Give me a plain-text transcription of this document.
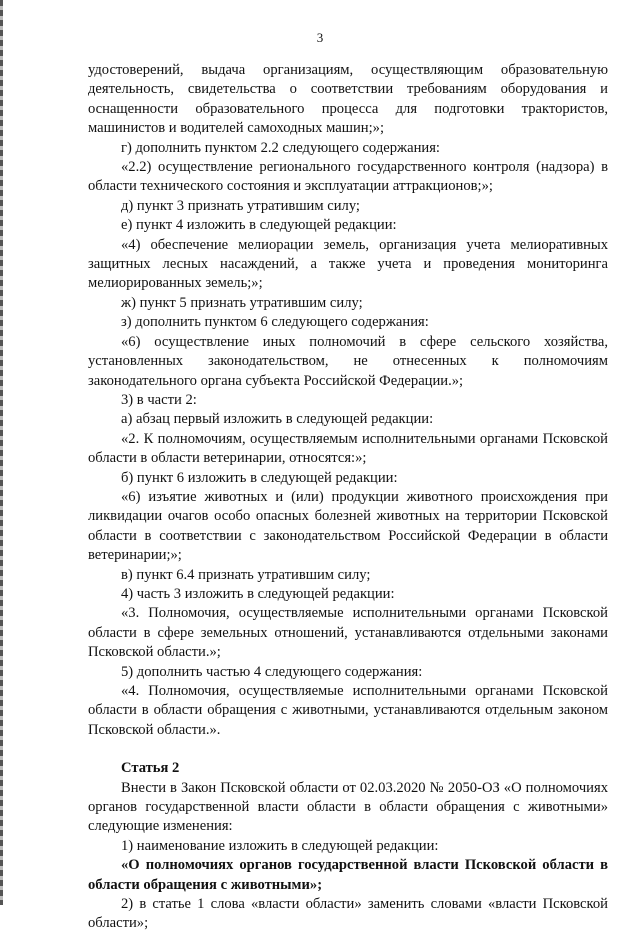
3

удостоверений, выдача организациям, осуществляющим образовательную деятельность, свидетельства о соответствии требованиям оборудования и оснащенности образовательного процесса для подготовки трактористов, машинистов и водителей самоходных машин;»;

г) дополнить пунктом 2.2 следующего содержания:

«2.2) осуществление регионального государственного контроля (надзора) в области технического состояния и эксплуатации аттракционов;»;

д) пункт 3 признать утратившим силу;

е) пункт 4 изложить в следующей редакции:

«4) обеспечение мелиорации земель, организация учета мелиоративных защитных лесных насаждений, а также учета и проведения мониторинга мелиорированных земель;»;

ж) пункт 5 признать утратившим силу;

з) дополнить пунктом 6 следующего содержания:

«6) осуществление иных полномочий в сфере сельского хозяйства, установленных законодательством, не отнесенных к полномочиям законодательного органа субъекта Российской Федерации.»;

3) в части 2:

а) абзац первый изложить в следующей редакции:

«2. К полномочиям, осуществляемым исполнительными органами Псковской области в области ветеринарии, относятся:»;

б) пункт 6 изложить в следующей редакции:

«6) изъятие животных и (или) продукции животного происхождения при ликвидации очагов особо опасных болезней животных на территории Псковской области в соответствии с законодательством Российской Федерации в области ветеринарии;»;

в) пункт 6.4 признать утратившим силу;

4) часть 3 изложить в следующей редакции:

«3. Полномочия, осуществляемые исполнительными органами Псковской области в сфере земельных отношений, устанавливаются отдельными законами Псковской области.»;

5) дополнить частью 4 следующего содержания:

«4. Полномочия, осуществляемые исполнительными органами Псковской области в области обращения с животными, устанавливаются отдельным законом Псковской области.».

Статья 2

Внести в Закон Псковской области от 02.03.2020 № 2050-ОЗ «О полномочиях органов государственной власти области в области обращения с животными» следующие изменения:

1) наименование изложить в следующей редакции:

«О полномочиях органов государственной власти Псковской области в области обращения с животными»;

2) в статье 1 слова «власти области» заменить словами «власти Псковской области»;
